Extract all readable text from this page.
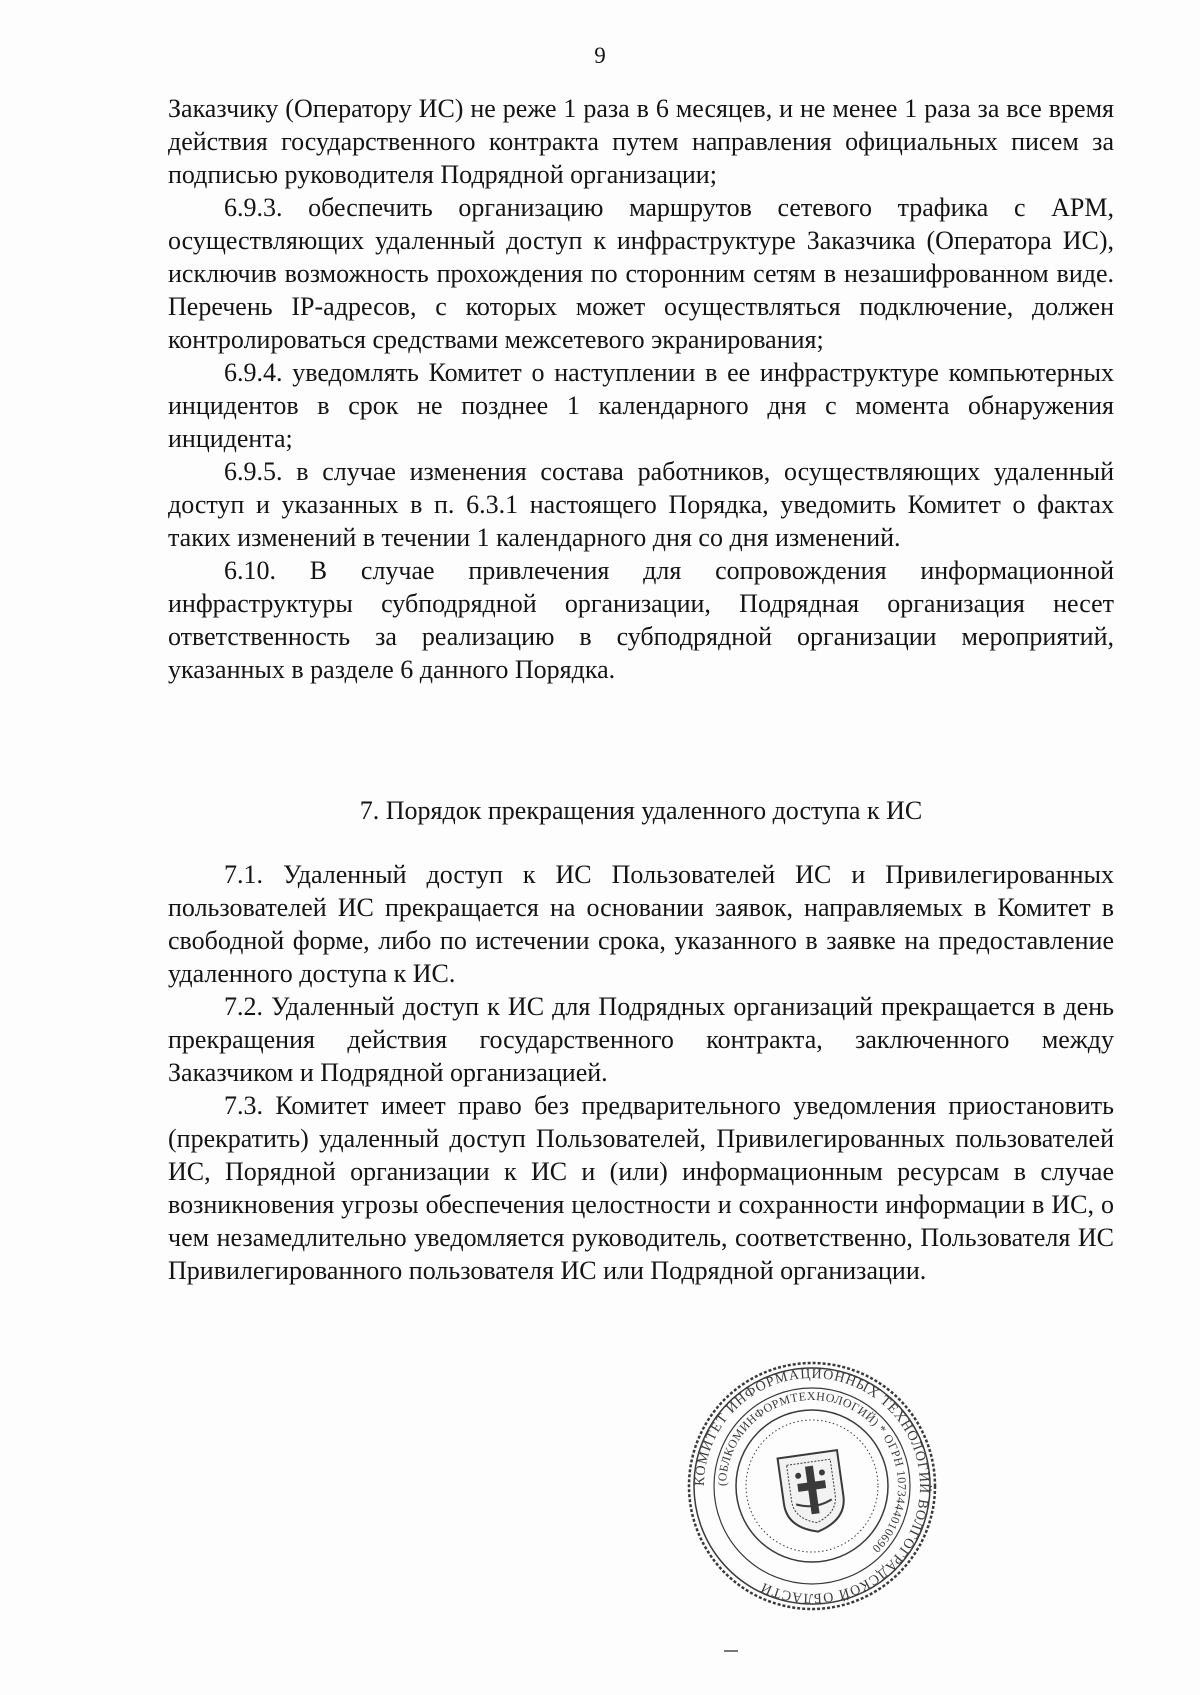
9

Заказчику (Оператору ИС) не реже 1 раза в 6 месяцев, и не менее 1 раза за все время действия государственного контракта путем направления официальных писем за подписью руководителя Подрядной организации;

6.9.3. обеспечить организацию маршрутов сетевого трафика с АРМ, осуществляющих удаленный доступ к инфраструктуре Заказчика (Оператора ИС), исключив возможность прохождения по сторонним сетям в незашифрованном виде. Перечень IP-адресов, с которых может осуществляться подключение, должен контролироваться средствами межсетевого экранирования;

6.9.4. уведомлять Комитет о наступлении в ее инфраструктуре компьютерных инцидентов в срок не позднее 1 календарного дня с момента обнаружения инцидента;

6.9.5. в случае изменения состава работников, осуществляющих удаленный доступ и указанных в п. 6.3.1 настоящего Порядка, уведомить Комитет о фактах таких изменений в течении 1 календарного дня со дня изменений.

6.10. В случае привлечения для сопровождения информационной инфраструктуры субподрядной организации, Подрядная организация несет ответственность за реализацию в субподрядной организации мероприятий, указанных в разделе 6 данного Порядка.

7. Порядок прекращения удаленного доступа к ИС

7.1. Удаленный доступ к ИС Пользователей ИС и Привилегированных пользователей ИС прекращается на основании заявок, направляемых в Комитет в свободной форме, либо по истечении срока, указанного в заявке на предоставление удаленного доступа к ИС.

7.2. Удаленный доступ к ИС для Подрядных организаций прекращается в день прекращения действия государственного контракта, заключенного между Заказчиком и Подрядной организацией.

7.3. Комитет имеет право без предварительного уведомления приостановить (прекратить) удаленный доступ Пользователей, Привилегированных пользователей ИС, Порядной организации к ИС и (или) информационным ресурсам в случае возникновения угрозы обеспечения целостности и сохранности информации в ИС, о чем незамедлительно уведомляется руководитель, соответственно, Пользователя ИС Привилегированного пользователя ИС или Подрядной организации.

КОМИТЕТ ИНФОРМАЦИОННЫХ ТЕХНОЛОГИЙ ВОЛГОГРАДСКОЙ ОБЛАСТИ
(ОБЛКОМИНФОРМТЕХНОЛОГИЙ) * ОГРН 1073444010690
